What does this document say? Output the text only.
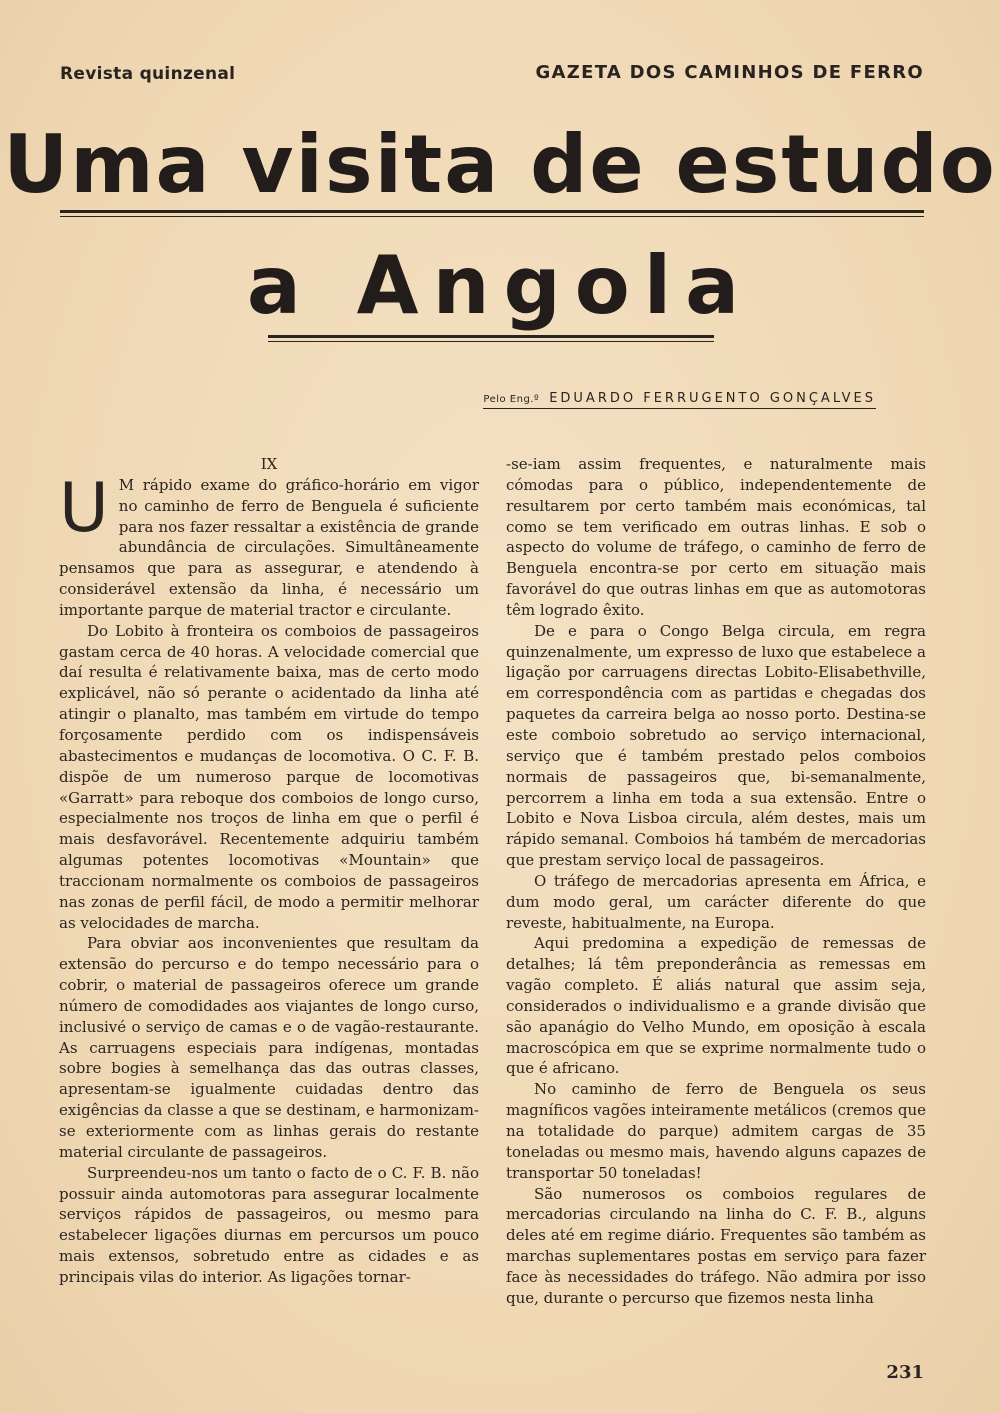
Revista quinzenal	GAZETA DOS CAMINHOS DE FERRO
Uma visita de estudo
a Angola
Pelo Eng.º EDUARDO FERRUGENTO GONÇALVES

IX

U M rápido exame do gráfico-horário em vigor no caminho de ferro de Benguela é suficiente para nos fazer ressaltar a existência de grande abundância de circulações. Simultâneamente pensamos que para as assegurar, e atendendo à considerável extensão da linha, é necessário um importante parque de material tractor e circulante.

Do Lobito à fronteira os comboios de passageiros gastam cerca de 40 horas. A velocidade comercial que daí resulta é relativamente baixa, mas de certo modo explicável, não só perante o acidentado da linha até atingir o planalto, mas também em virtude do tempo forçosamente perdido com os indispensáveis abastecimentos e mudanças de locomotiva. O C. F. B. dispõe de um numeroso parque de locomotivas «Garratt» para reboque dos comboios de longo curso, especialmente nos troços de linha em que o perfil é mais desfavorável. Recentemente adquiriu também algumas potentes locomotivas «Mountain» que traccionam normalmente os comboios de passageiros nas zonas de perfil fácil, de modo a permitir melhorar as velocidades de marcha.

Para obviar aos inconvenientes que resultam da extensão do percurso e do tempo necessário para o cobrir, o material de passageiros oferece um grande número de comodidades aos viajantes de longo curso, inclusivé o serviço de camas e o de vagão-restaurante. As carruagens especiais para indígenas, montadas sobre bogies à semelhança das das outras classes, apresentam-se igualmente cuidadas dentro das exigências da classe a que se destinam, e harmonizam-se exteriormente com as linhas gerais do restante material circulante de passageiros.

Surpreendeu-nos um tanto o facto de o C. F. B. não possuir ainda automotoras para assegurar localmente serviços rápidos de passageiros, ou mesmo para estabelecer ligações diurnas em percursos um pouco mais extensos, sobretudo entre as cidades e as principais vilas do interior. As ligações tornar-

-se-iam assim frequentes, e naturalmente mais cómodas para o público, independentemente de resultarem por certo também mais económicas, tal como se tem verificado em outras linhas. E sob o aspecto do volume de tráfego, o caminho de ferro de Benguela encontra-se por certo em situação mais favorável do que outras linhas em que as automotoras têm logrado êxito.

De e para o Congo Belga circula, em regra quinzenalmente, um expresso de luxo que estabelece a ligação por carruagens directas Lobito-Elisabethville, em correspondência com as partidas e chegadas dos paquetes da carreira belga ao nosso porto. Destina-se este comboio sobretudo ao serviço internacional, serviço que é também prestado pelos comboios normais de passageiros que, bi-semanalmente, percorrem a linha em toda a sua extensão. Entre o Lobito e Nova Lisboa circula, além destes, mais um rápido semanal. Comboios há também de mercadorias que prestam serviço local de passageiros.

O tráfego de mercadorias apresenta em África, e dum modo geral, um carácter diferente do que reveste, habitualmente, na Europa.

Aqui predomina a expedição de remessas de detalhes; lá têm preponderância as remessas em vagão completo. É aliás natural que assim seja, considerados o individualismo e a grande divisão que são apanágio do Velho Mundo, em oposição à escala macroscópica em que se exprime normalmente tudo o que é africano.

No caminho de ferro de Benguela os seus magníficos vagões inteiramente metálicos (cremos que na totalidade do parque) admitem cargas de 35 toneladas ou mesmo mais, havendo alguns capazes de transportar 50 toneladas!

São numerosos os comboios regulares de mercadorias circulando na linha do C. F. B., alguns deles até em regime diário. Frequentes são também as marchas suplementares postas em serviço para fazer face às necessidades do tráfego. Não admira por isso que, durante o percurso que fizemos nesta linha

231
